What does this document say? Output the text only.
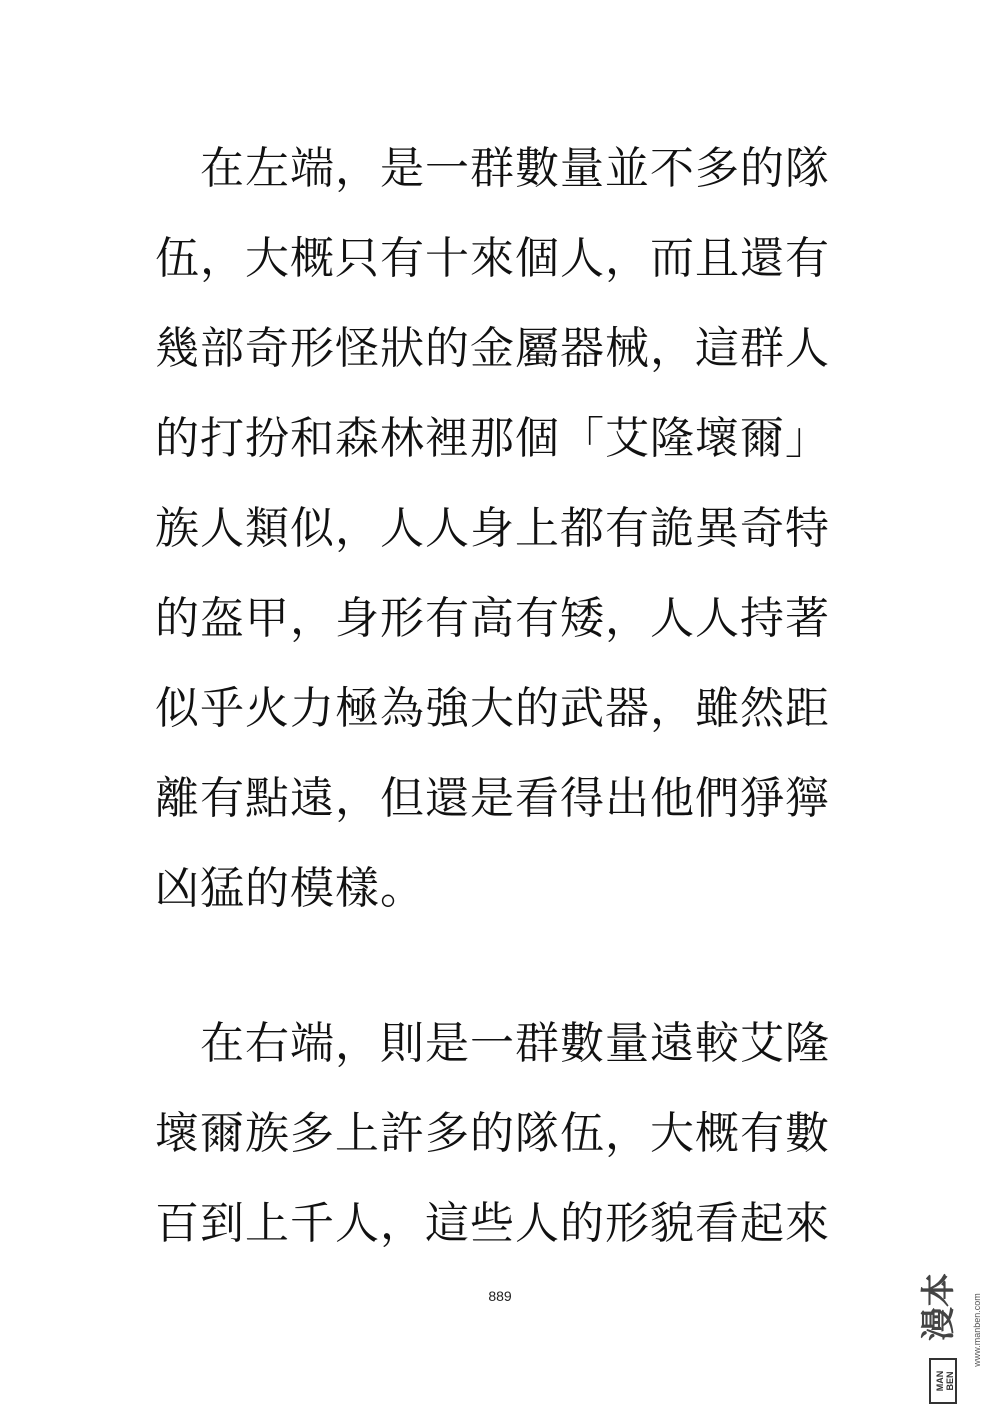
　在左端，是一群數量並不多的隊
伍，大概只有十來個人，而且還有
幾部奇形怪狀的金屬器械，這群人
的打扮和森林裡那個「艾隆壞爾」
族人類似，人人身上都有詭異奇特
的盔甲，身形有高有矮，人人持著
似乎火力極為強大的武器，雖然距
離有點遠，但還是看得出他們猙獰
凶猛的模樣。
　在右端，則是一群數量遠較艾隆
壞爾族多上許多的隊伍，大概有數
百到上千人，這些人的形貌看起來
889
MAN BEN
漫本 www.manben.com
